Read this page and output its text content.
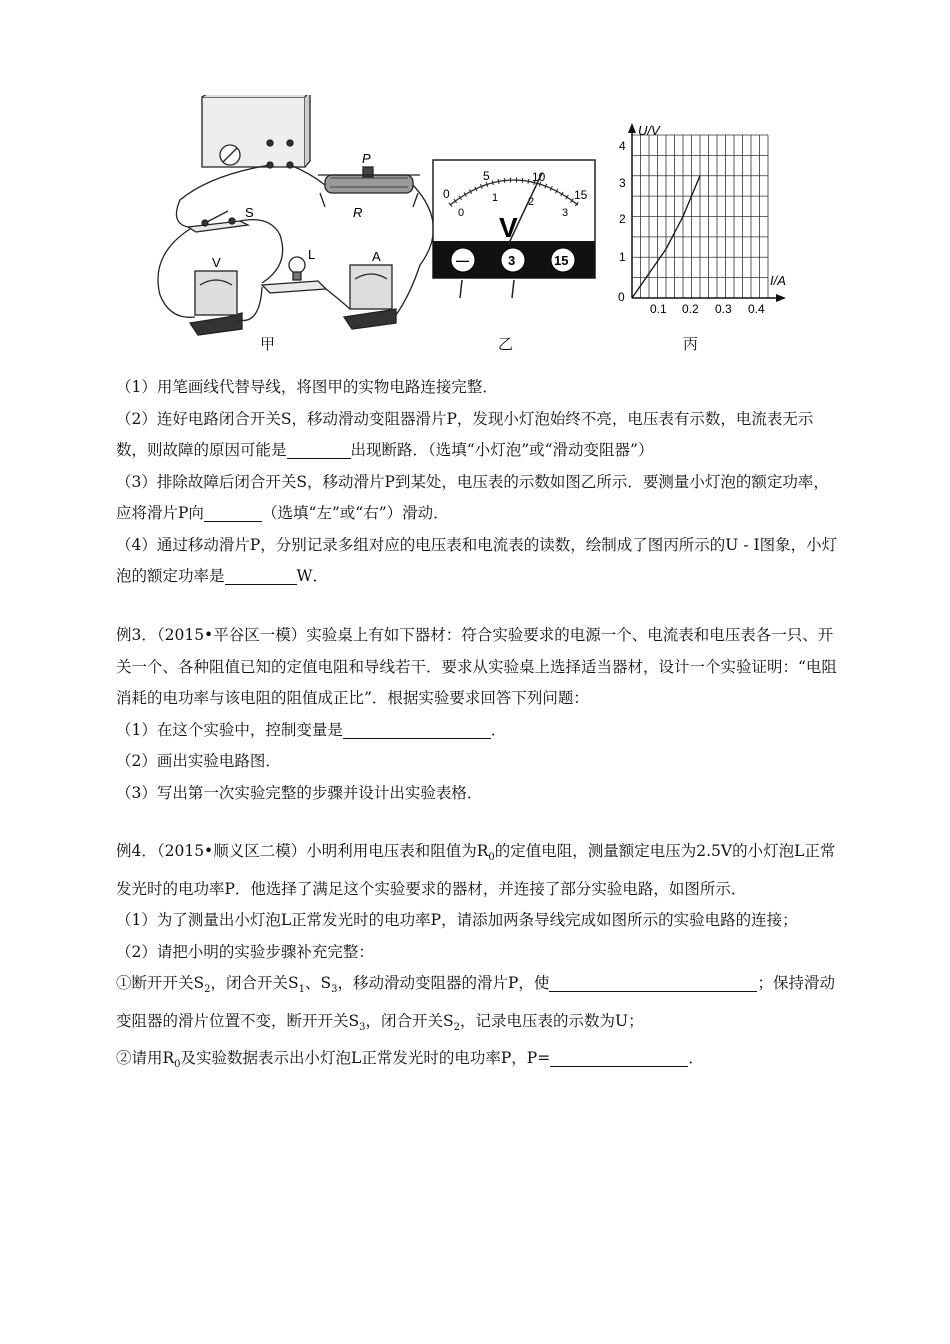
P
R
S
L
V	A
0
5	10
15
0
1	2
3
V
—	3	15
U/V
I/A
0
1
2
3
4
0.1 0.2 0.3 0.4
甲	乙	丙

（1）用笔画线代替导线，将图甲的实物电路连接完整．

（2）连好电路闭合开关S，移动滑动变阻器滑片P，发现小灯泡始终不亮，电压表有示数，电流表无示数，则故障的原因可能是	出现断路．（选填“小灯泡”或“滑动变阻器”）

（3）排除故障后闭合开关S，移动滑片P到某处，电压表的示数如图乙所示．要测量小灯泡的额定功率，应将滑片P向	（选填“左”或“右”）滑动．

（4）通过移动滑片P，分别记录多组对应的电压表和电流表的读数，绘制成了图丙所示的U - I图象，小灯泡的额定功率是	W．

例3．（2015•平谷区一模）实验桌上有如下器材：符合实验要求的电源一个、电流表和电压表各一只、开关一个、各种阻值已知的定值电阻和导线若干．要求从实验桌上选择适当器材，设计一个实验证明：“电阻消耗的电功率与该电阻的阻值成正比”．根据实验要求回答下列问题：

（1）在这个实验中，控制变量是	．

（2）画出实验电路图．

（3）写出第一次实验完整的步骤并设计出实验表格．

例4．（2015•顺义区二模）小明利用电压表和阻值为$R_0$的定值电阻，测量额定电压为2.5V的小灯泡L正常发光时的电功率P．他选择了满足这个实验要求的器材，并连接了部分实验电路，如图所示．

（1）为了测量出小灯泡L正常发光时的电功率P，请添加两条导线完成如图所示的实验电路的连接；

（2）请把小明的实验步骤补充完整：

①断开开关$S_2$，闭合开关$S_1$、$S_3$，移动滑动变阻器的滑片P，使	；保持滑动变阻器的滑片位置不变，断开开关$S_3$，闭合开关$S_2$，记录电压表的示数为U；

②请用$R_0$及实验数据表示出小灯泡L正常发光时的电功率P，P=	．
